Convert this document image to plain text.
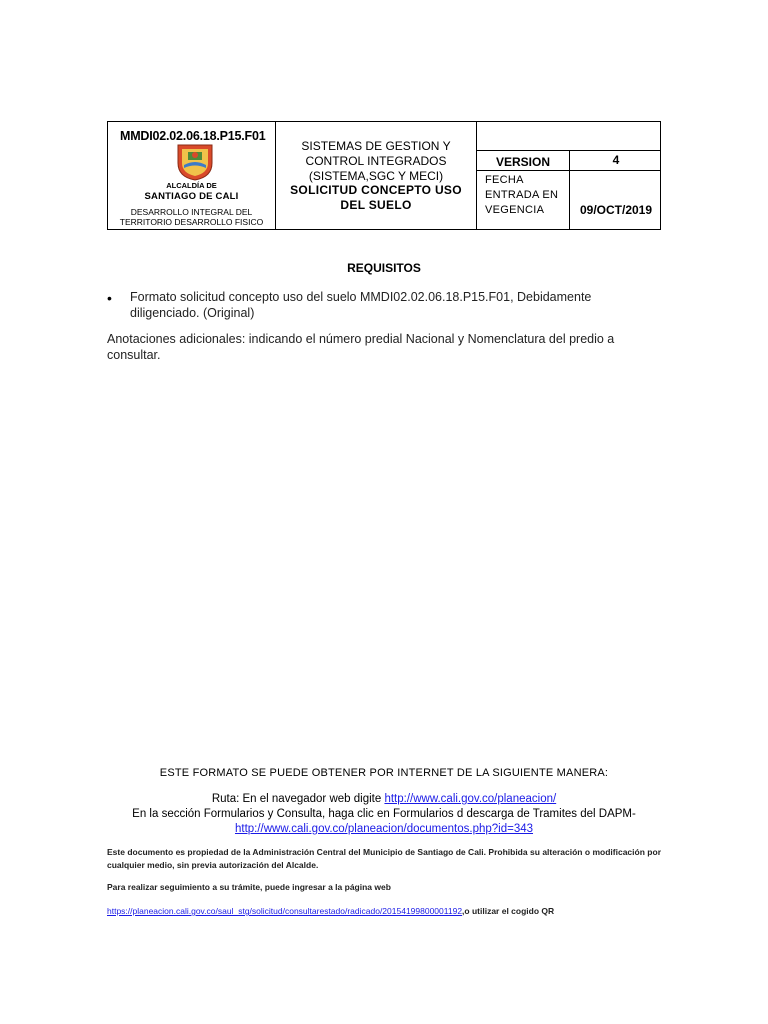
MMDI02.02.06.18.P15.F01
ALCALDÍA DE
SANTIAGO DE CALI
DESARROLLO INTEGRAL DEL TERRITORIO DESARROLLO FISICO
SISTEMAS DE GESTION Y CONTROL INTEGRADOS (SISTEMA,SGC Y MECI)
SOLICITUD CONCEPTO USO DEL SUELO
VERSION	4
FECHA ENTRADA EN VEGENCIA	09/OCT/2019
REQUISITOS
• Formato solicitud concepto uso del suelo MMDI02.02.06.18.P15.F01, Debidamente diligenciado. (Original)
Anotaciones adicionales: indicando el número predial Nacional y Nomenclatura del predio a consultar.
ESTE FORMATO SE PUEDE OBTENER POR INTERNET DE LA SIGUIENTE MANERA:
Ruta: En el navegador web digite http://www.cali.gov.co/planeacion/
En la sección Formularios y Consulta, haga clic en Formularios d descarga de Tramites del DAPM-
http://www.cali.gov.co/planeacion/documentos.php?id=343
Este documento es propiedad de la Administración Central del Municipio de Santiago de Cali. Prohibida su alteración o modificación por cualquier medio, sin previa autorización del Alcalde.
Para realizar seguimiento a su trámite, puede ingresar a la página web
https://planeacion.cali.gov.co/saul_stg/solicitud/consultarestado/radicado/20154199800001192,o utilizar el cogido QR
